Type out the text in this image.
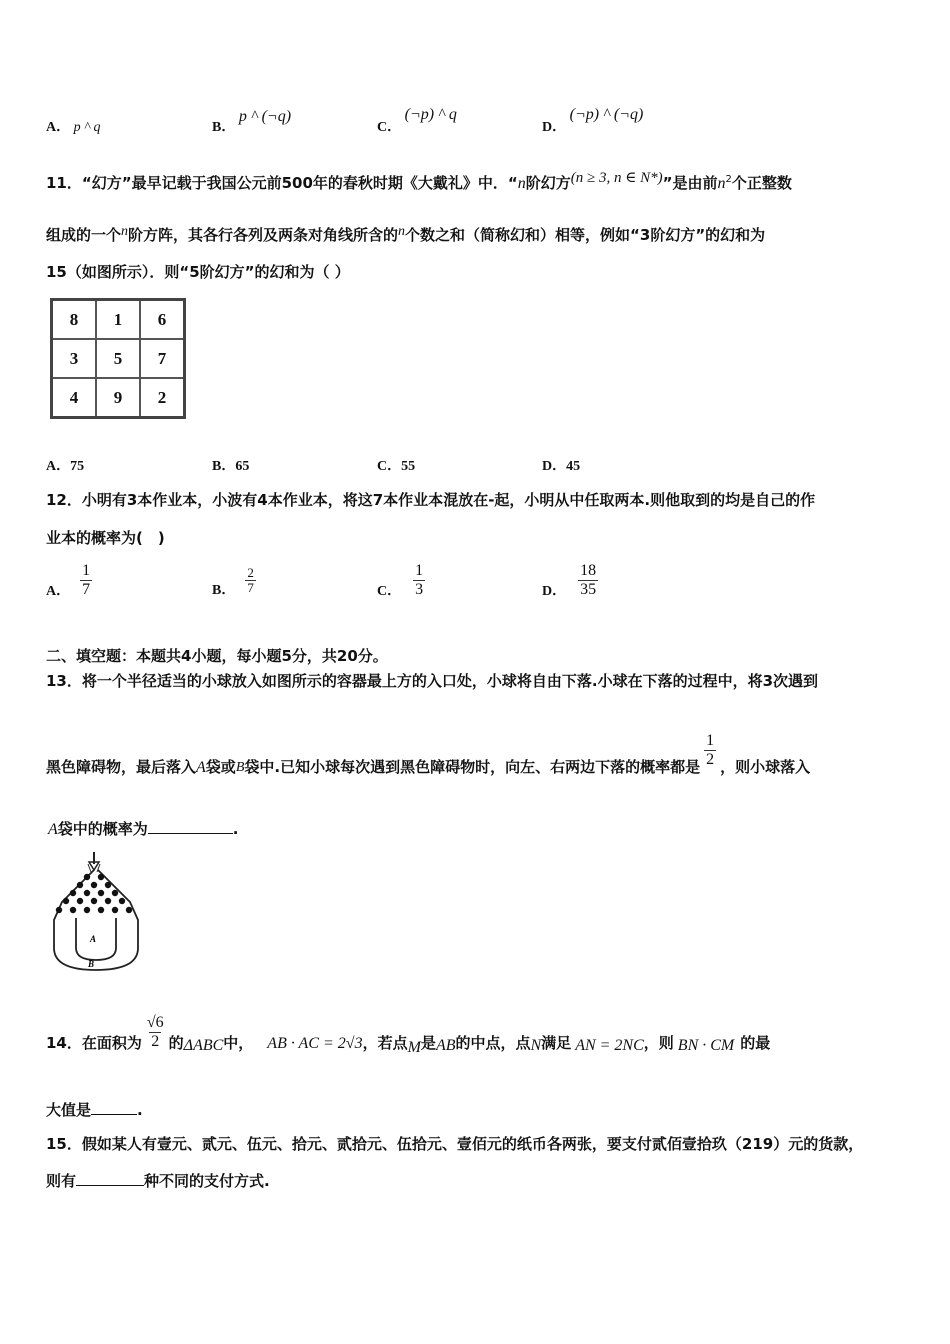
A． p ^ q	B． p ^ (¬q)
C． (¬p) ^ q
D． (¬p) ^ (¬q)
11．“幻方”最早记载于我国公元前500年的春秋时期《大戴礼》中．“n阶幻方(n ≥ 3, n ∈ N*)”是由前$n^2$个正整数
组成的一个n阶方阵，其各行各列及两条对角线所含的n个数之和（简称幻和）相等，例如“3阶幻方”的幻和为
15（如图所示）．则“5阶幻方”的幻和为（ ）
8	1	6
3	5	7
4	9	2
A．75	B．65	C．55	D．45
12．小明有3本作业本，小波有4本作业本，将这7本作业本混放在-起，小明从中任取两本.则他取到的均是自己的作
业本的概率为(　)
A． $\frac{1}{7}$	B． $\frac{2}{7}$	C． $\frac{1}{3}$	D． $\frac{18}{35}$
二、填空题：本题共4小题，每小题5分，共20分。
13．将一个半径适当的小球放入如图所示的容器最上方的入口处，小球将自由下落.小球在下落的过程中，将3次遇到
黑色障碍物，最后落入 A 袋或 B 袋中.已知小球每次遇到黑色障碍物时，向左、右两边下落的概率都是 $\frac{1}{2}$ ，则小球落入
A袋中的概率为	.
A
B
14．在面积为 $\frac{√6}{2}$ 的 ΔABC 中， AB · AC = 2√3 ，若点 M 是 AB 的中点，点 N 满足 AN = 2NC ，则 BN · CM 的最
大值是	.
15．假如某人有壹元、贰元、伍元、拾元、贰拾元、伍拾元、壹佰元的纸币各两张，要支付贰佰壹拾玖（219）元的货款，
则有	种不同的支付方式.
